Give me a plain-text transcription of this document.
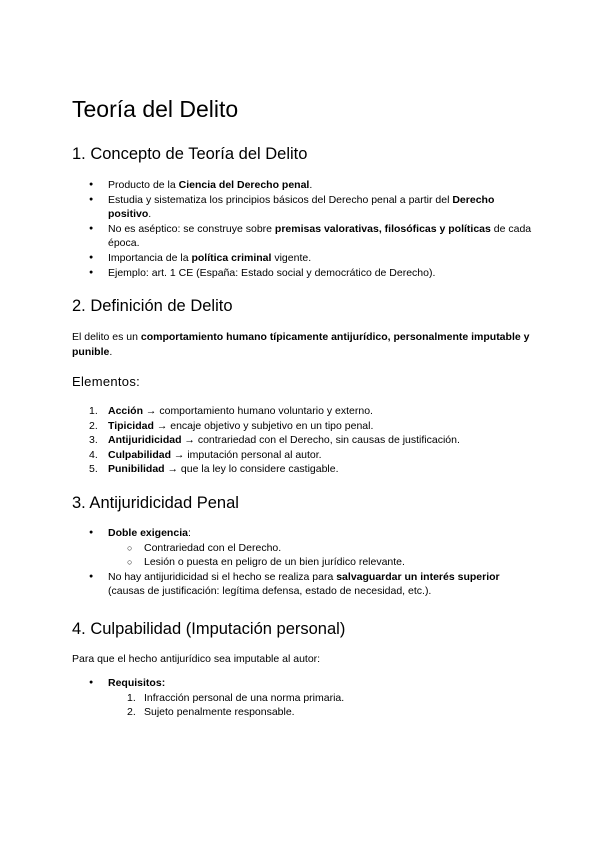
Teoría del Delito
1. Concepto de Teoría del Delito
● Producto de la Ciencia del Derecho penal.
● Estudia y sistematiza los principios básicos del Derecho penal a partir del Derecho positivo.
● No es aséptico: se construye sobre premisas valorativas, filosóficas y políticas de cada época.
● Importancia de la política criminal vigente.
● Ejemplo: art. 1 CE (España: Estado social y democrático de Derecho).
2. Definición de Delito

El delito es un comportamiento humano típicamente antijurídico, personalmente imputable y punible.

Elementos:
1. Acción → comportamiento humano voluntario y externo.
2. Tipicidad → encaje objetivo y subjetivo en un tipo penal.
3. Antijuridicidad → contrariedad con el Derecho, sin causas de justificación.
4. Culpabilidad → imputación personal al autor.
5. Punibilidad → que la ley lo considere castigable.
3. Antijuridicidad Penal
● Doble exigencia:
○ Contrariedad con el Derecho.
○ Lesión o puesta en peligro de un bien jurídico relevante.
● No hay antijuridicidad si el hecho se realiza para salvaguardar un interés superior (causas de justificación: legítima defensa, estado de necesidad, etc.).
4. Culpabilidad (Imputación personal)

Para que el hecho antijurídico sea imputable al autor:

● Requisitos:
1. Infracción personal de una norma primaria.
2. Sujeto penalmente responsable.
